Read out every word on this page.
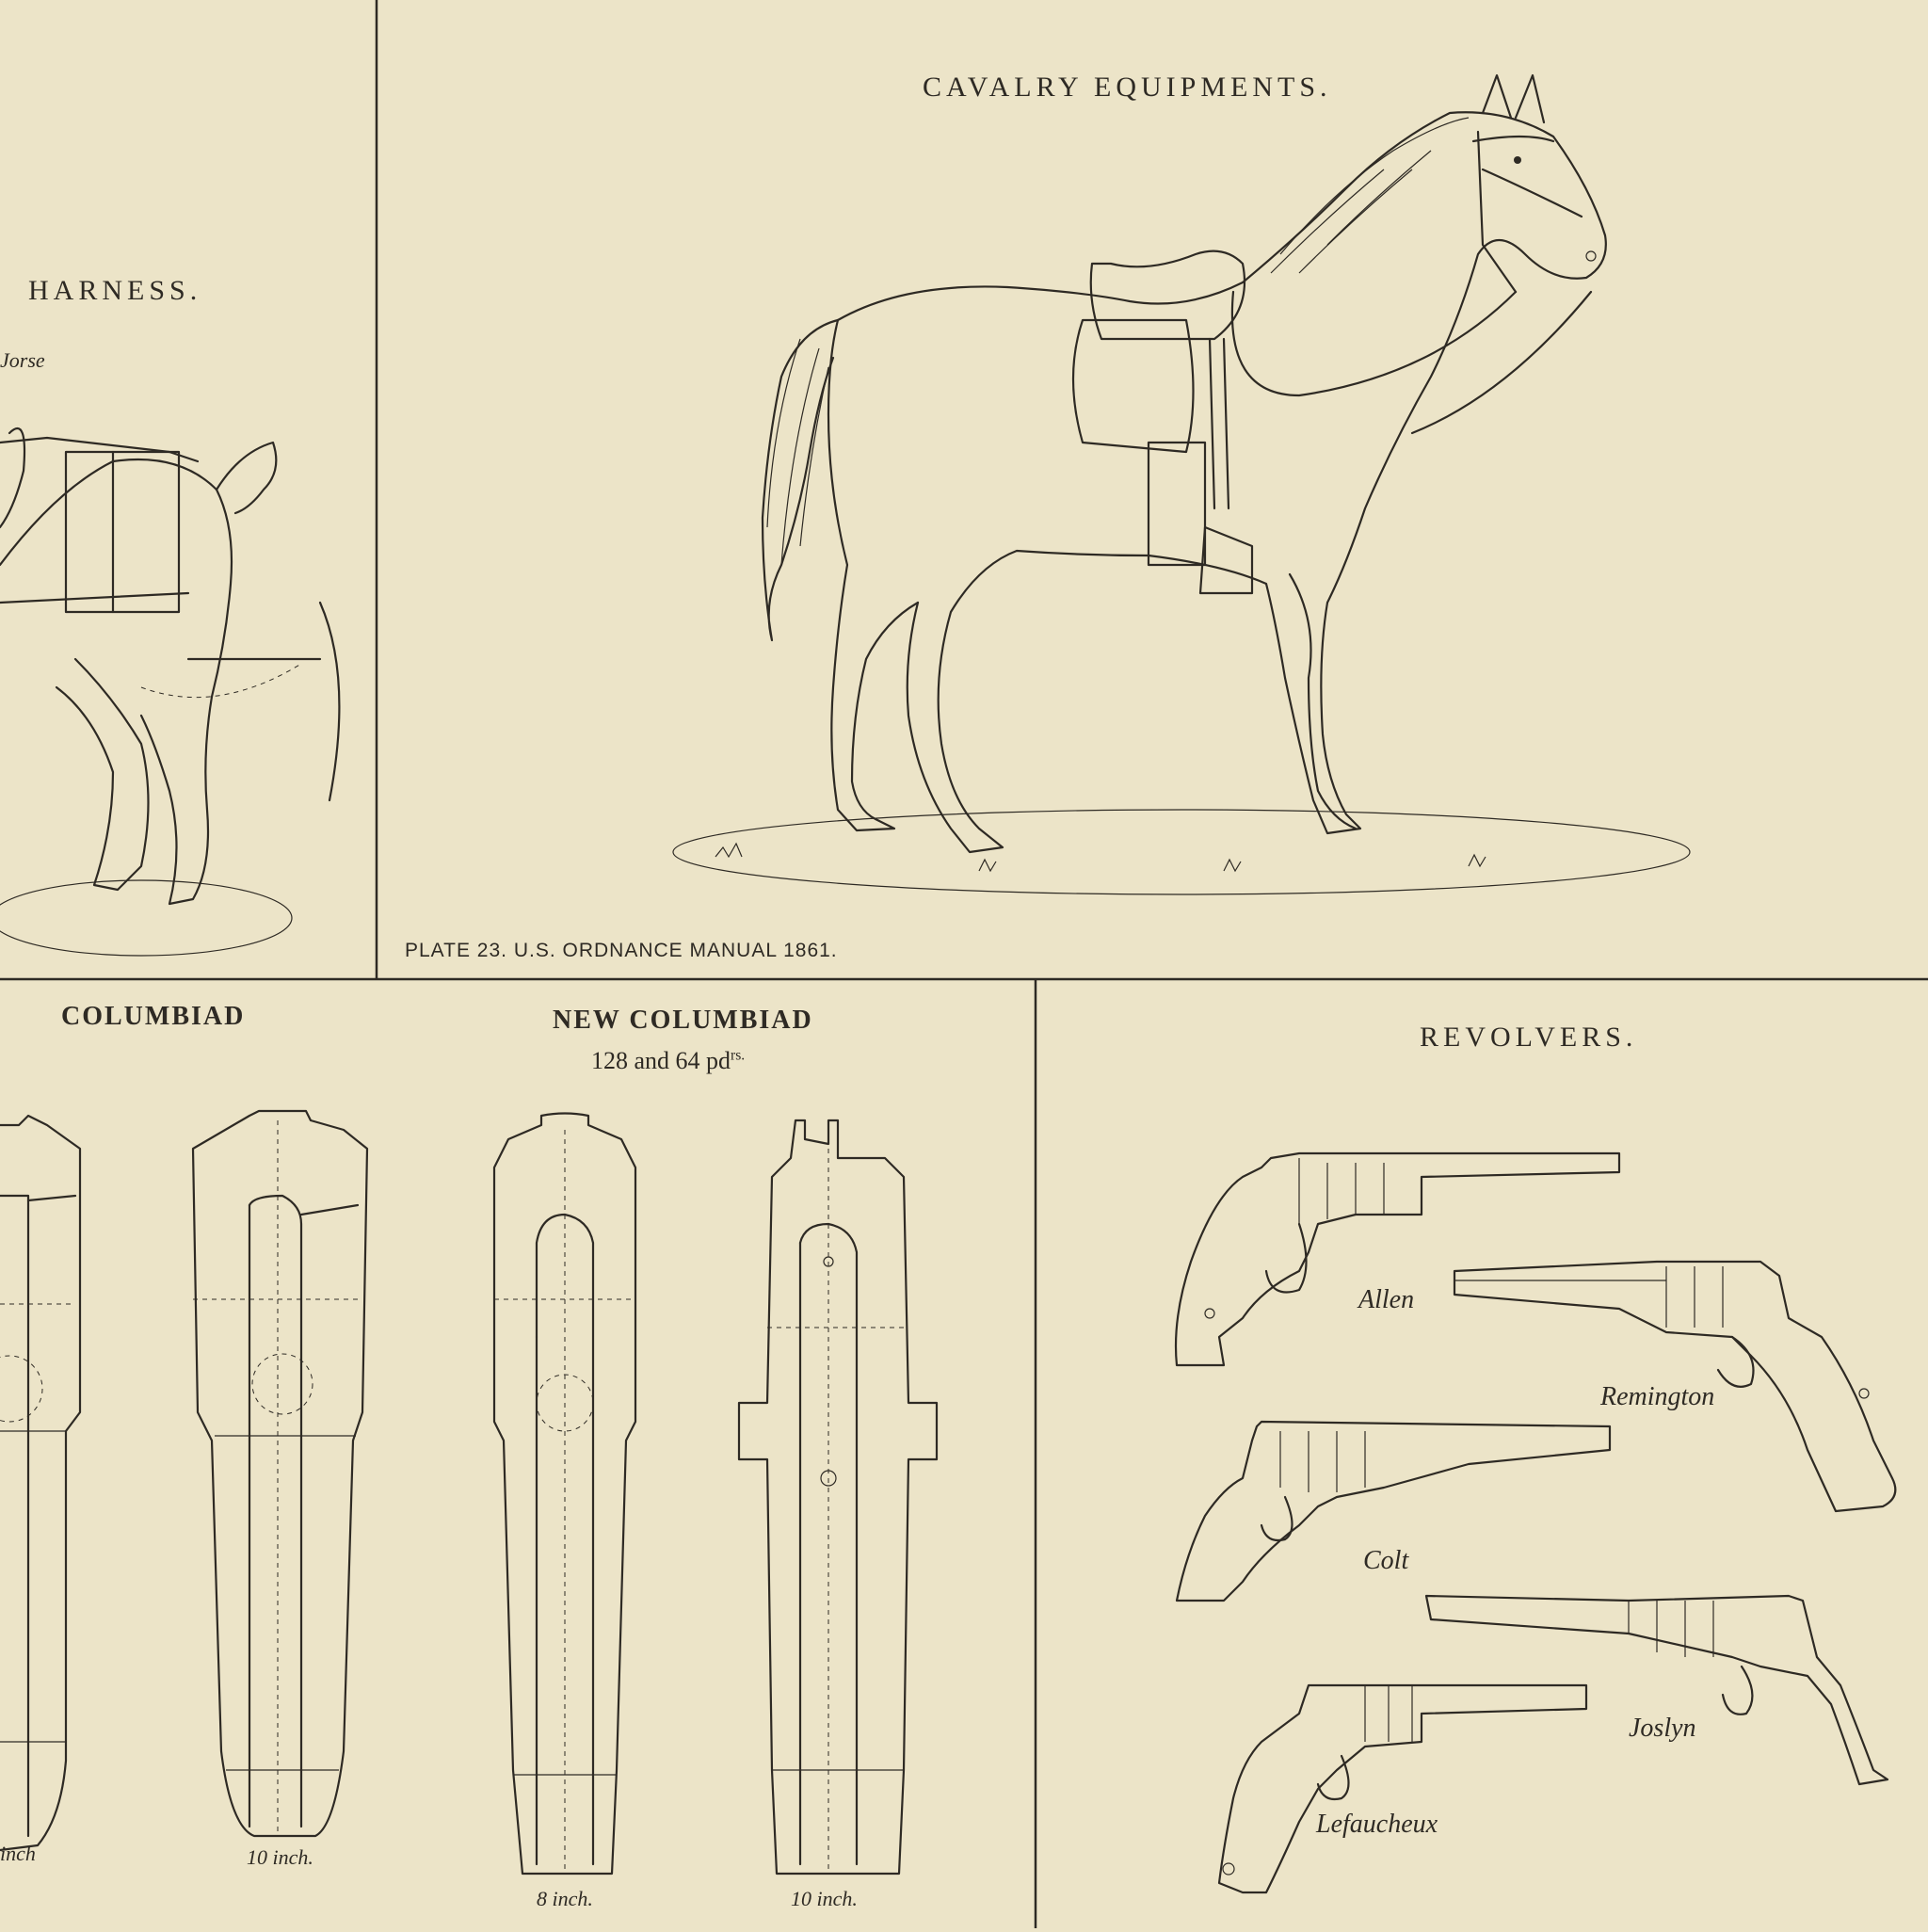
HARNESS.
Jorse
CAVALRY EQUIPMENTS.
PLATE 23. U.S. ORDNANCE MANUAL 1861.
COLUMBIAD
inch	10 inch.
NEW COLUMBIAD
128 and 64 $pd^{rs.}$
8 inch.	10 inch.
REVOLVERS.
Allen
Remington
Colt
Joslyn
Lefaucheux
